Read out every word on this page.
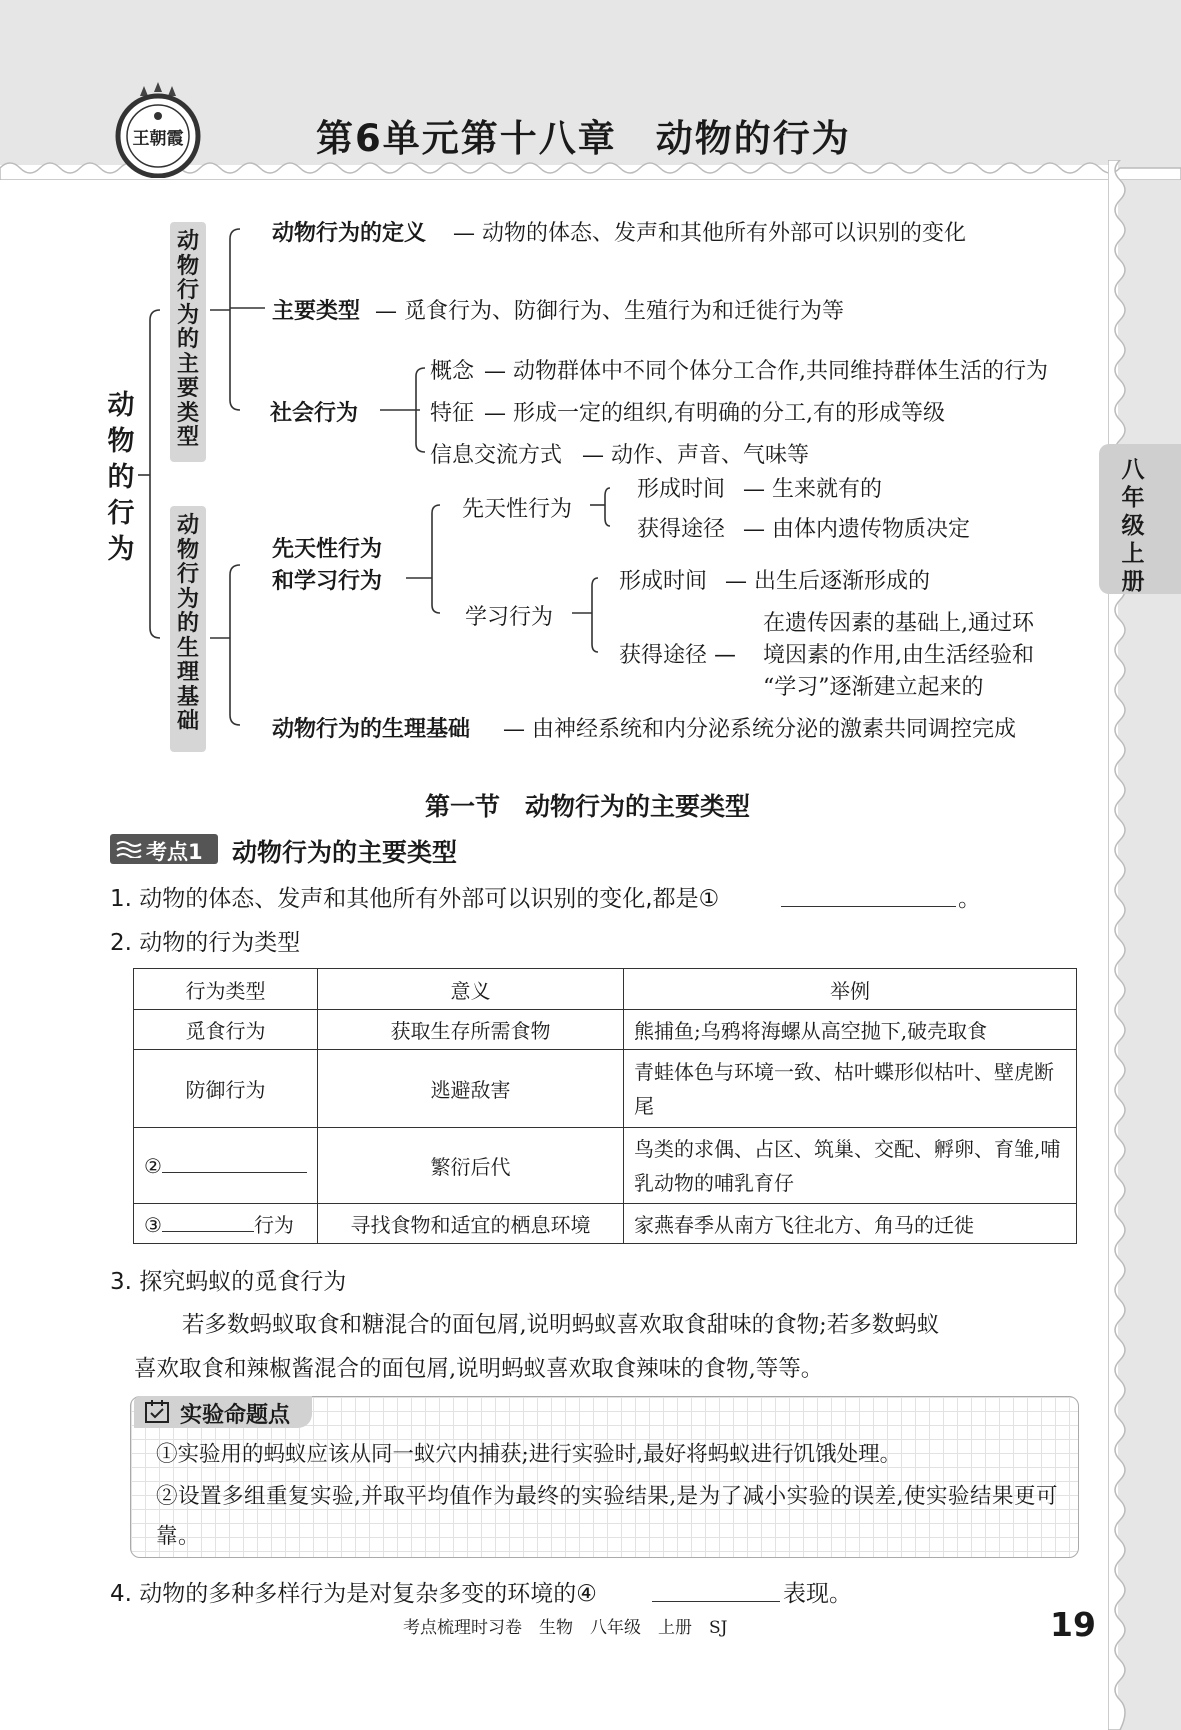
王朝霞	第6单元第十八章　动物的行为
八年级上册
动物的行为
动物行为的主要类型
动物行为的生理基础
动物行为的定义 — 动物的体态、发声和其他所有外部可以识别的变化
主要类型 — 觅食行为、防御行为、生殖行为和迁徙行为等
社会行为
概念 — 动物群体中不同个体分工合作,共同维持群体生活的行为
特征 — 形成一定的组织,有明确的分工,有的形成等级
信息交流方式 — 动作、声音、气味等
先天性行为
和学习行为
先天性行为
形成时间 — 生来就有的
获得途径 — 由体内遗传物质决定
学习行为
形成时间 — 出生后逐渐形成的
获得途径 —
在遗传因素的基础上,通过环
境因素的作用,由生活经验和
“学习”逐渐建立起来的
动物行为的生理基础 — 由神经系统和内分泌系统分泌的激素共同调控完成
第一节　动物行为的主要类型
考点1 动物行为的主要类型
1. 动物的体态、发声和其他所有外部可以识别的变化,都是①	。
2. 动物的行为类型
行为类型	意义	举例
觅食行为	获取生存所需食物	熊捕鱼;乌鸦将海螺从高空抛下,破壳取食
防御行为	逃避敌害	青蛙体色与环境一致、枯叶蝶形似枯叶、壁虎断尾
②	繁衍后代	鸟类的求偶、占区、筑巢、交配、孵卵、育雏,哺乳动物的哺乳育仔
③ 行为	寻找食物和适宜的栖息环境	家燕春季从南方飞往北方、角马的迁徙
3. 探究蚂蚁的觅食行为
若多数蚂蚁取食和糖混合的面包屑,说明蚂蚁喜欢取食甜味的食物;若多数蚂蚁
喜欢取食和辣椒酱混合的面包屑,说明蚂蚁喜欢取食辣味的食物,等等。
实验命题点
①实验用的蚂蚁应该从同一蚁穴内捕获;进行实验时,最好将蚂蚁进行饥饿处理。
②设置多组重复实验,并取平均值作为最终的实验结果,是为了减小实验的误差,使实验结果更可靠。
4. 动物的多种多样行为是对复杂多变的环境的④	表现。
考点梳理时习卷　生物　八年级　上册　SJ	19
